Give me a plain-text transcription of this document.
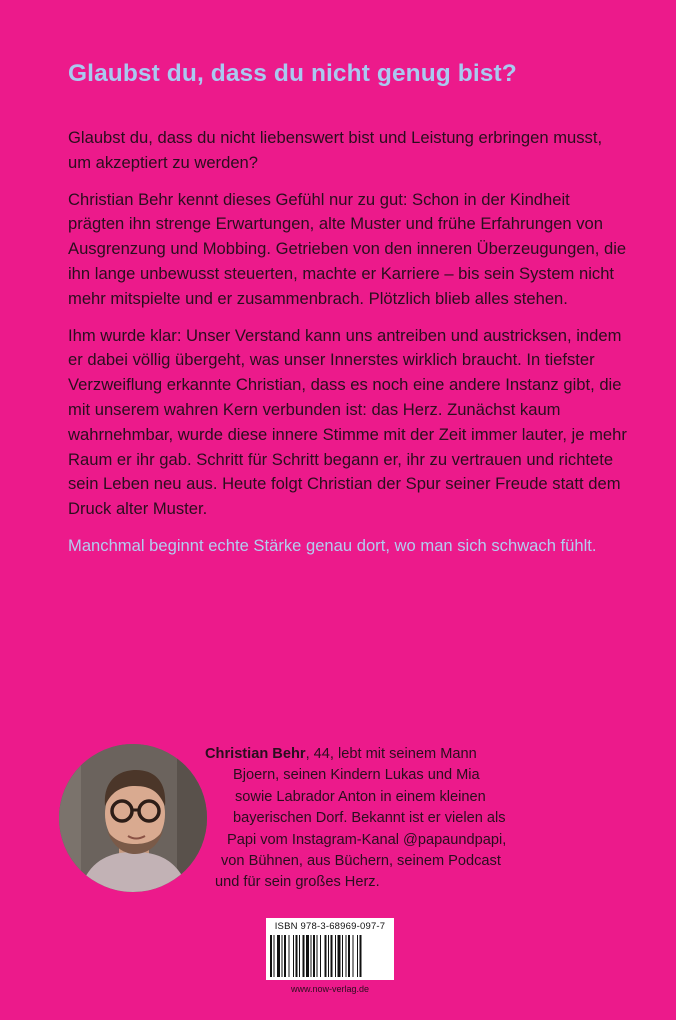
Glaubst du, dass du nicht genug bist?

Glaubst du, dass du nicht liebenswert bist und Leistung erbringen musst, um akzeptiert zu werden?

Christian Behr kennt dieses Gefühl nur zu gut: Schon in der Kindheit prägten ihn strenge Erwartungen, alte Muster und frühe Erfahrungen von Ausgrenzung und Mobbing. Getrieben von den inneren Überzeugungen, die ihn lange unbewusst steuerten, machte er Karriere – bis sein System nicht mehr mitspielte und er zusammenbrach. Plötzlich blieb alles stehen.

Ihm wurde klar: Unser Verstand kann uns antreiben und austricksen, indem er dabei völlig übergeht, was unser Innerstes wirklich braucht. In tiefster Verzweiflung erkannte Christian, dass es noch eine andere Instanz gibt, die mit unserem wahren Kern verbunden ist: das Herz. Zunächst kaum wahrnehmbar, wurde diese innere Stimme mit der Zeit immer lauter, je mehr Raum er ihr gab. Schritt für Schritt begann er, ihr zu vertrauen und richtete sein Leben neu aus. Heute folgt Christian der Spur seiner Freude statt dem Druck alter Muster.

Manchmal beginnt echte Stärke genau dort, wo man sich schwach fühlt.

Christian Behr, 44, lebt mit seinem Mann
Bjoern, seinen Kindern Lukas und Mia
sowie Labrador Anton in einem kleinen
bayerischen Dorf. Bekannt ist er vielen als
Papi vom Instagram-Kanal @papaundpapi,
von Bühnen, aus Büchern, seinem Podcast
und für sein großes Herz.
ISBN 978-3-68969-097-7
www.now-verlag.de
